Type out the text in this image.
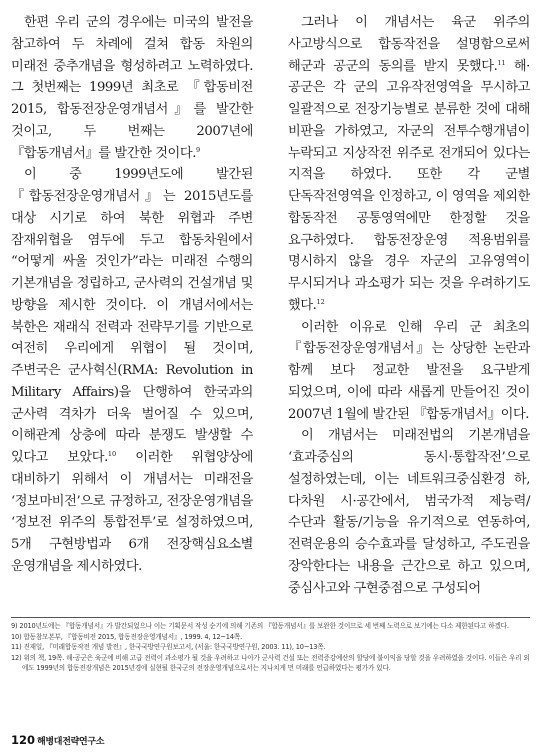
한편 우리 군의 경우에는 미국의 발전을 참고하여 두 차례에 걸쳐 합동 차원의 미래전 중추개념을 형성하려고 노력하였다. 그 첫번째는 1999년 최초로 『합동비전 2015, 합동전장운영개념서』를 발간한 것이고, 두 번째는 2007년에 『합동개념서』를 발간한 것이다.$^9$

이 중 1999년도에 발간된 『합동전장운영개념서』는 2015년도를 대상 시기로 하여 북한 위협과 주변 잠재위협을 염두에 두고 합동차원에서 “어떻게 싸울 것인가”라는 미래전 수행의 기본개념을 정립하고, 군사력의 건설개념 및 방향을 제시한 것이다. 이 개념서에서는 북한은 재래식 전력과 전략무기를 기반으로 여전히 우리에게 위협이 될 것이며, 주변국은 군사혁신(RMA: Revolution in Military Affairs)을 단행하여 한국과의 군사력 격차가 더욱 벌어질 수 있으며, 이해관계 상충에 따라 분쟁도 발생할 수 있다고 보았다.$^{10}$ 이러한 위협양상에 대비하기 위해서 이 개념서는 미래전을 ‘정보마비전’으로 규정하고, 전장운영개념을 ‘정보전 위주의 통합전투’로 설정하였으며, 5개 구현방법과 6개 전장핵심요소별 운영개념을 제시하였다.

그러나 이 개념서는 육군 위주의 사고방식으로 합동작전을 설명함으로써 해군과 공군의 동의를 받지 못했다.$^{11}$ 해·공군은 각 군의 고유작전영역을 무시하고 일괄적으로 전장기능별로 분류한 것에 대해 비판을 가하였고, 자군의 전투수행개념이 누락되고 지상작전 위주로 전개되어 있다는 지적을 하였다. 또한 각 군별 단독작전영역을 인정하고, 이 영역을 제외한 합동작전 공통영역에만 한정할 것을 요구하였다. 합동전장운영 적용범위를 명시하지 않을 경우 자군의 고유영역이 무시되거나 과소평가 되는 것을 우려하기도 했다.$^{12}$

이러한 이유로 인해 우리 군 최초의 『합동전장운영개념서』는 상당한 논란과 함께 보다 정교한 발전을 요구받게 되었으며, 이에 따라 새롭게 만들어진 것이 2007년 1월에 발간된 『합동개념서』이다.

이 개념서는 미래전법의 기본개념을 ‘효과중심의 동시·통합작전’으로 설정하였는데, 이는 네트워크중심환경 하, 다차원 시·공간에서, 범국가적 제능력/수단과 활동/기능을 유기적으로 연동하여, 전력운용의 승수효과를 달성하고, 주도권을 장악한다는 내용을 근간으로 하고 있으며, 중심사고와 구현중점으로 구성되어

9) 2010년도에는 『합동개념서』가 발간되었으나 이는 기획문서 작성 순기에 의해 기존의 『합동개념서』를 보완한 것이므로 세 번째 노력으로 보기에는 다소 제한된다고 하겠다.

10) 합동참모본부, 『합동비전 2015, 합동전장운영개념서』, 1999. 4, 12~14쪽.

11) 진재일, 『미래합동작전 개념 발전』, 한국국방연구원보고서, (서울: 한국국방연구원, 2003. 11), 10~13쪽.

12) 위의 책, 19쪽. 해·공군은 육군에 비해 고급 전력이 과소평가 될 것을 우려하고 나아가 군사력 건설 또는 전력증강예산의 할당에 불이익을 당할 것을 우려하였을 것이다. 이들은 우리 외에도 1999년의 합동전장개념은 2015년경에 실현될 한국군의 전장운영개념으로서는 지나치게 먼 미래를 언급하였다는 평가가 있다.

120 해병대전략연구소
